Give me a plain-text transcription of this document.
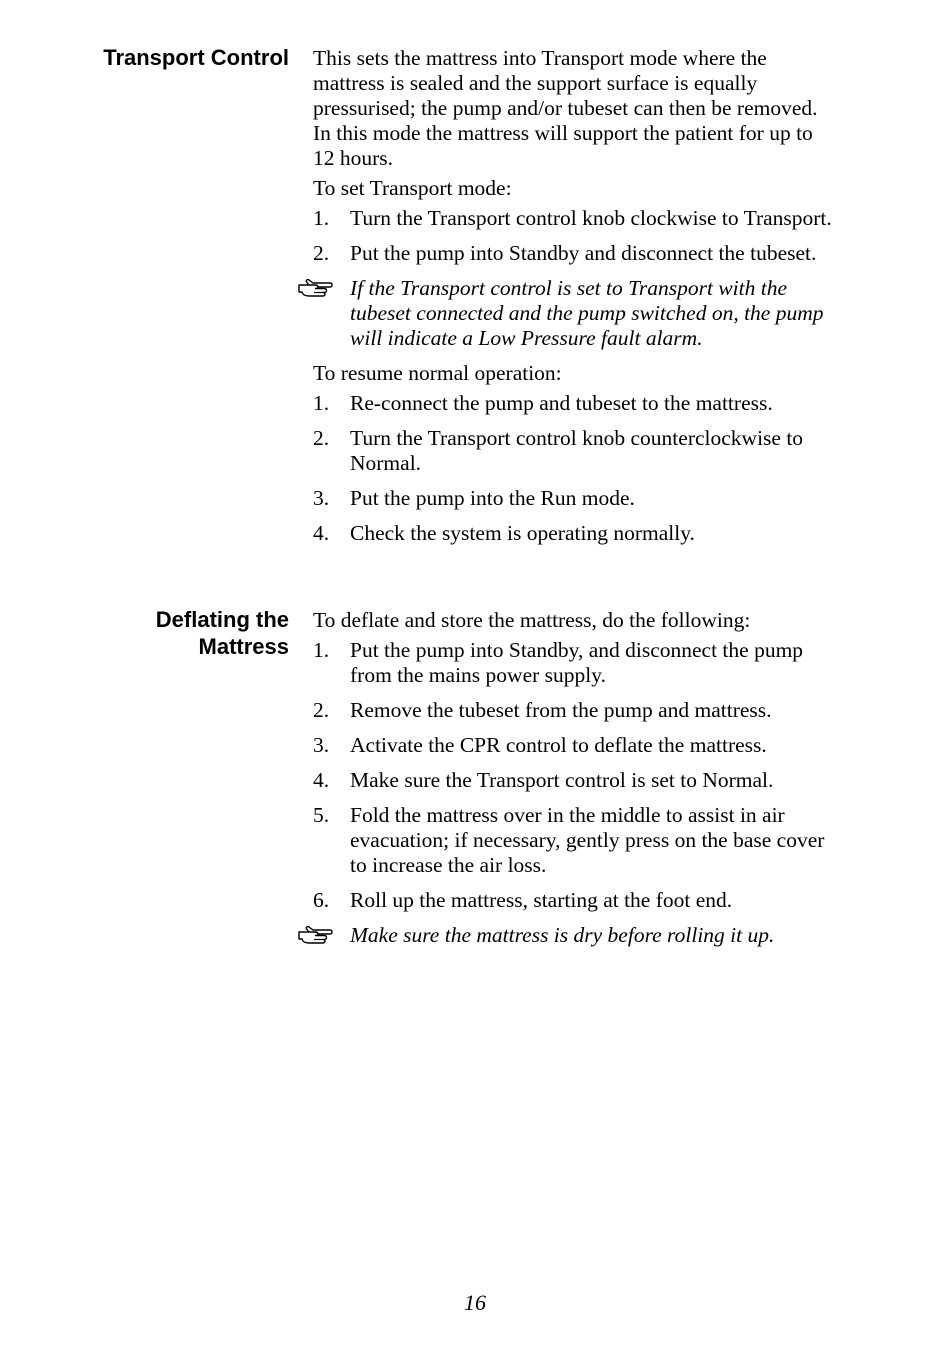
Transport Control This sets the mattress into Transport mode where the mattress is sealed and the support surface is equally pressurised; the pump and/or tubeset can then be removed. In this mode the mattress will support the patient for up to 12 hours.

To set Transport mode:

1. Turn the Transport control knob clockwise to Transport.
2. Put the pump into Standby and disconnect the tubeset.
If the Transport control is set to Transport with the tubeset connected and the pump switched on, the pump will indicate a Low Pressure fault alarm.

To resume normal operation:

1. Re-connect the pump and tubeset to the mattress.
2. Turn the Transport control knob counterclockwise to Normal.
3. Put the pump into the Run mode.
4. Check the system is operating normally.
Deflating the
Mattress

To deflate and store the mattress, do the following:

1. Put the pump into Standby, and disconnect the pump from the mains power supply.
2. Remove the tubeset from the pump and mattress.
3. Activate the CPR control to deflate the mattress.
4. Make sure the Transport control is set to Normal.
5. Fold the mattress over in the middle to assist in air evacuation; if necessary, gently press on the base cover to increase the air loss.
6. Roll up the mattress, starting at the foot end.
Make sure the mattress is dry before rolling it up.
16
